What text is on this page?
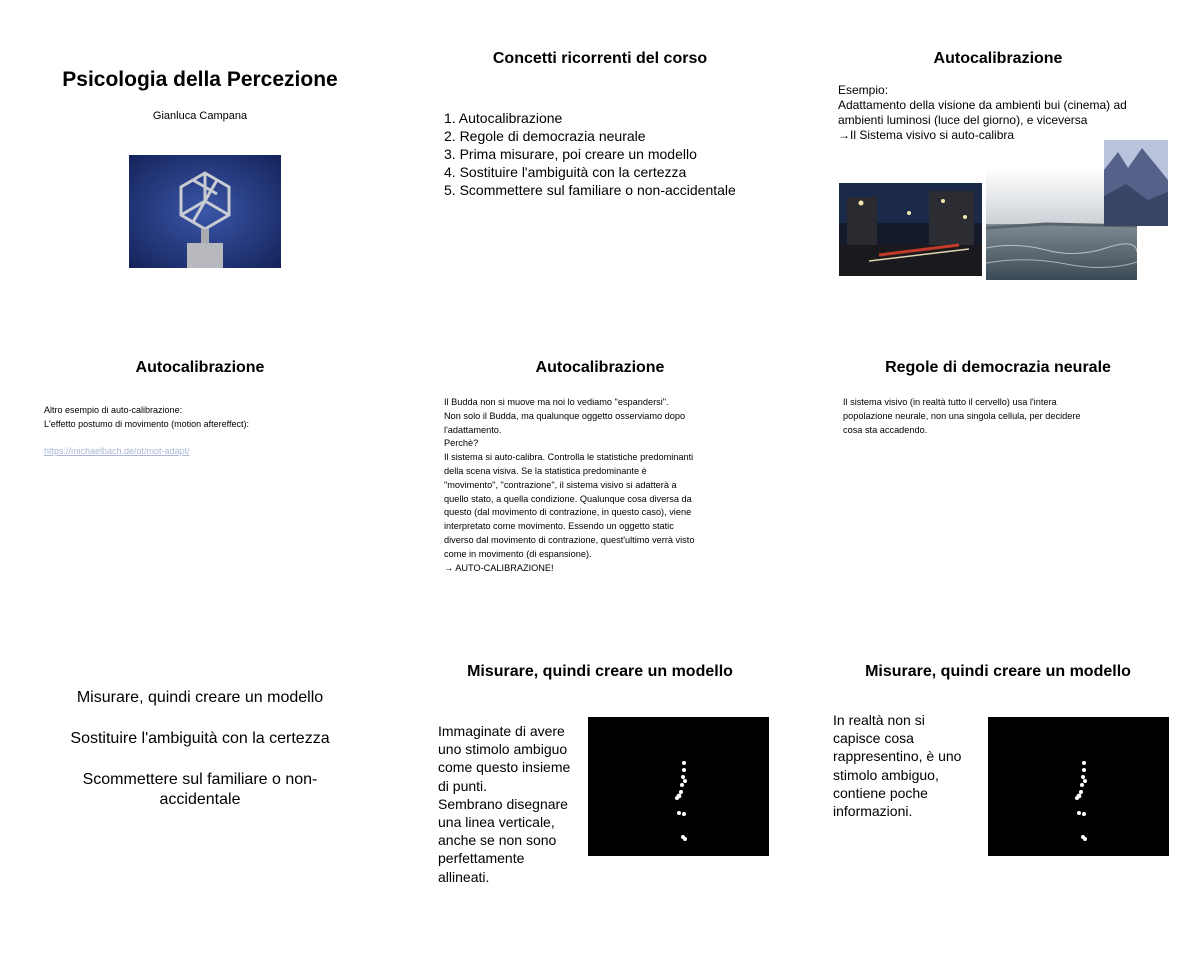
Psicologia della Percezione
Gianluca Campana
Concetti ricorrenti del corso
1. Autocalibrazione
2. Regole di democrazia neurale
3. Prima misurare, poi creare un modello
4. Sostituire l'ambiguità con la certezza
5. Scommettere sul familiare o non-accidentale
Autocalibrazione
Esempio:
Adattamento della visione da ambienti bui (cinema) ad
ambienti luminosi (luce del giorno), e viceversa
→Il Sistema visivo si auto-calibra
Autocalibrazione
Altro esempio di auto-calibrazione:
L'effetto postumo di movimento (motion aftereffect):
https://michaelbach.de/ot/mot-adapt/
Autocalibrazione
Il Budda non si muove ma noi lo vediamo "espandersi".
Non solo il Budda, ma qualunque oggetto osserviamo dopo
l'adattamento.
Perchè?
Il sistema si auto-calibra. Controlla le statistiche predominanti
della scena visiva. Se la statistica predominante è
"movimento", "contrazione", il sistema visivo si adatterà a
quello stato, a quella condizione. Qualunque cosa diversa da
questo (dal movimento di contrazione, in questo caso), viene
interpretato come movimento. Essendo un oggetto static
diverso dal movimento di contrazione, quest'ultimo verrà visto
come in movimento (di espansione).
→ AUTO-CALIBRAZIONE!
Regole di democrazia neurale
Il sistema visivo (in realtà tutto il cervello) usa l'intera
popolazione neurale, non una singola cellula, per decidere
cosa sta accadendo.
Misurare, quindi creare un modello
Sostituire l'ambiguità con la certezza
Scommettere sul familiare o non-
accidentale
Misurare, quindi creare un modello
Immaginate di avere
uno stimolo ambiguo
come questo insieme
di punti.
Sembrano disegnare
una linea verticale,
anche se non sono
perfettamente
allineati.
Misurare, quindi creare un modello
In realtà non si
capisce cosa
rappresentino, è uno
stimolo ambiguo,
contiene poche
informazioni.
